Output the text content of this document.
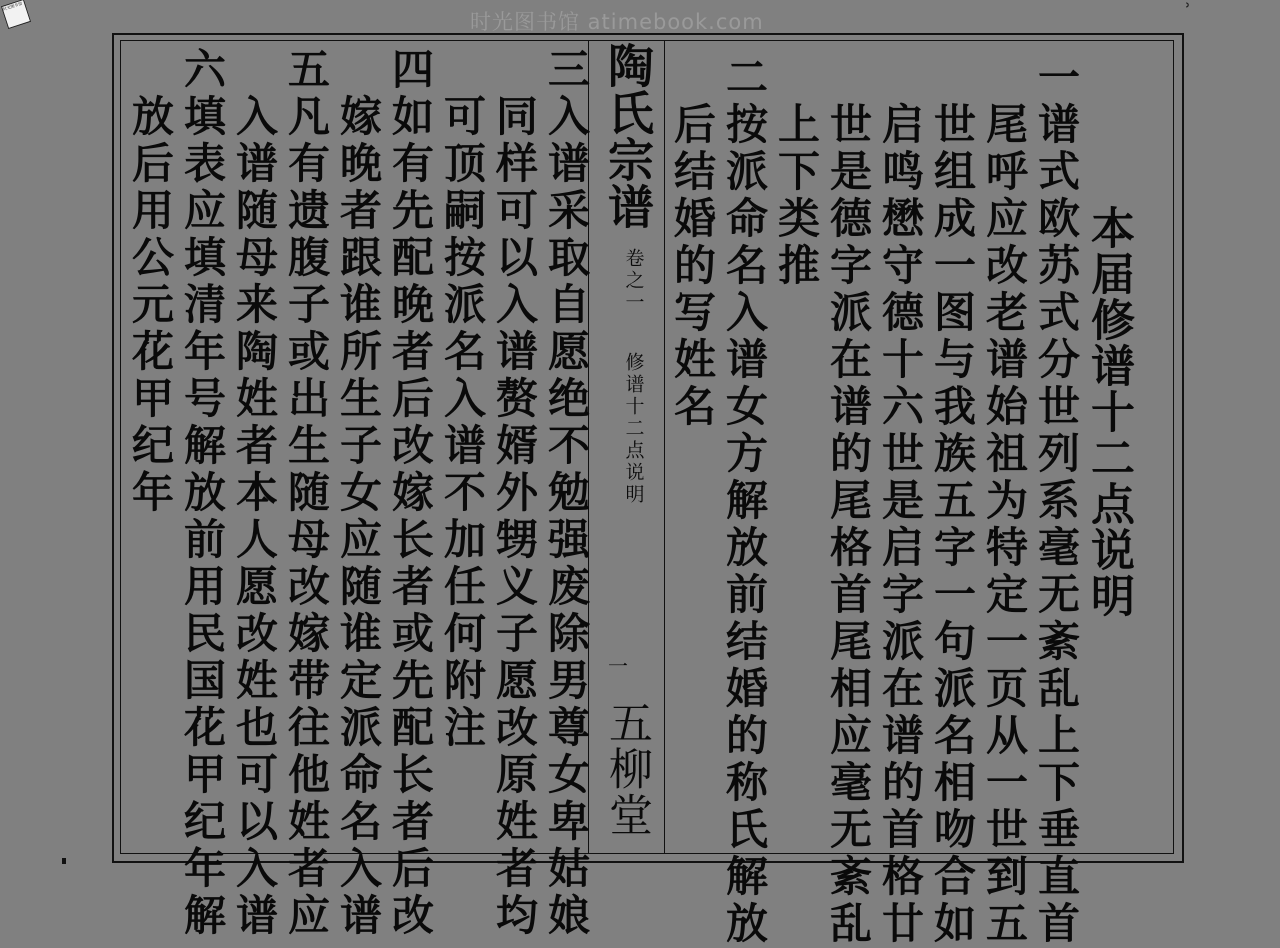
时光图书馆
时光图书馆 atimebook.com	ʾ
本届修谱十二点说明
一
谱式欧苏式分世列系毫无紊乱上下垂直首
尾呼应改老谱始祖为特定一页从一世到五
世组成一图与我族五字一句派名相吻合如
启鸣懋守德十六世是启字派在谱的首格廿
世是德字派在谱的尾格首尾相应毫无紊乱
上下类推
二
按派命名入谱女方解放前结婚的称氏解放
后结婚的写姓名
陶氏宗谱
卷之一
修谱十二点说明
一
五柳堂
三
入谱采取自愿绝不勉强废除男尊女卑姑娘
同样可以入谱赘婿外甥义子愿改原姓者均
可顶嗣按派名入谱不加任何附注
四
如有先配晚者后改嫁长者或先配长者后改
嫁晚者跟谁所生子女应随谁定派命名入谱
五
凡有遗腹子或出生随母改嫁带往他姓者应
入谱随母来陶姓者本人愿改姓也可以入谱
六
填表应填清年号解放前用民国花甲纪年解
放后用公元花甲纪年
